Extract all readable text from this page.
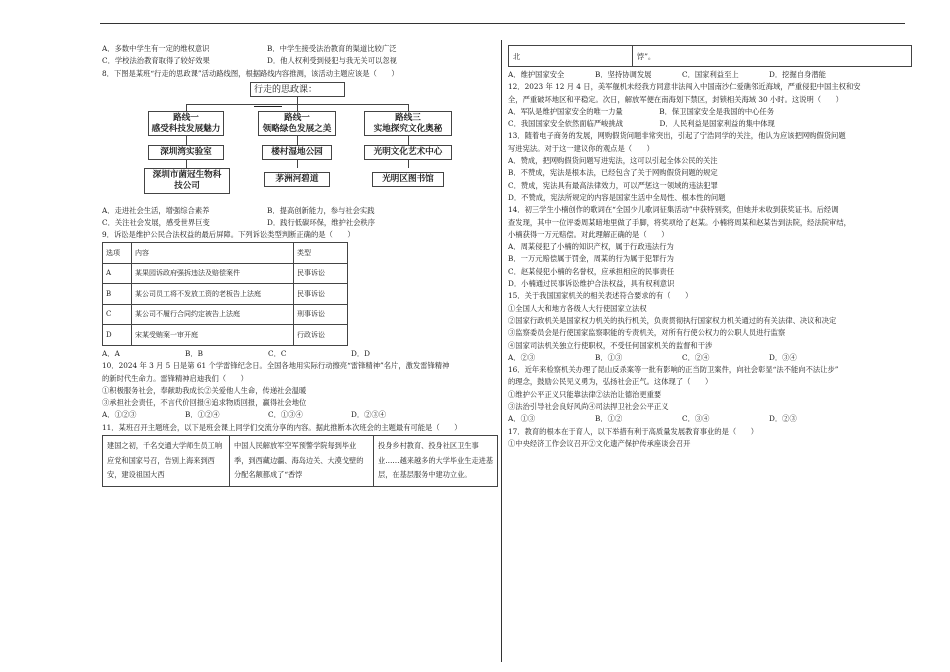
A．多数中学生有一定的维权意识	B．中学生接受法治教育的渠道比较广泛

C．学校法治教育取得了较好效果	D．他人权利受到侵犯与我无关可以忽视

8．下图是某班“行走的思政课”活动路线图，根据路线内容推测，该活动主题应该是（　　）

行走的思政课：
路线一
感受科技发展魅力
路线一
领略绿色发展之美
路线三
实地探究文化奥秘
深圳湾实验室	楼村湿地公园	光明文化艺术中心
深圳市菌冠生物科
技公司
茅洲河碧道	光明区图书馆

A．走进社会生活，增强综合素养	B．提高创新能力，参与社会实践

C．关注社会发展，感受世界巨变	D．践行低碳环保，维护社会秩序

9．诉讼是维护公民合法权益的最后屏障。下列诉讼类型判断正确的是（　　）

选项	内容	类型
A	某果园诉政府强拆违法及赔偿案件	民事诉讼
B	某公司员工将不发放工资的老板告上法庭	民事诉讼
C	某公司不履行合同约定被告上法庭	刑事诉讼
D	宋某受贿案一审开庭	行政诉讼

A．A	B．B	C．C	D．D

10．2024 年 3 月 5 日是第 61 个学雷锋纪念日。全国各地用实际行动擦亮“雷锋精神”名片，激发雷锋精神

的新时代生命力。雷锋精神启迪我们（　　）

①积极服务社会，奉献助我成长②关爱他人生命，传递社会温暖

③承担社会责任，不言代价回报④追求物质回报，赢得社会地位

A．①②③	B．①②④	C．①③④	D．②③④

11．某班召开主题班会，以下是班会课上同学们交流分享的内容。据此推断本次班会的主题最有可能是（　　）

建国之初，千名交通大学师生员工响应党和国家号召，告别上海来到西安，建设祖国大西	中国人民解放军空军预警学院每到毕业季，到西藏边疆、海岛边关、大漠戈壁的分配名额都成了“香饽	投身乡村教育、投身社区卫生事业……越来越多的大学毕业生走进基层，在基层服务中建功立业。
北	饽”。

A．维护国家安全	B．坚持协调发展	C．国家利益至上	D．挖掘自身潜能

12．2023 年 12 月 4 日，美军舰机未经我方同意非法闯入中国南沙仁爱礁邻近海域，严重侵犯中国主权和安

全，严重破坏地区和平稳定。次日，解放军便在南海划下禁区，封锁相关海域 30 小时。这说明（　　）

A．军队是维护国家安全的唯一力量　　　　　B．保卫国家安全是我国的中心任务

C．我国国家安全依然面临严峻挑战　　　　　D．人民利益是国家利益的集中体现

13．随着电子商务的发展，网购假货问题非常突出，引起了宁浩同学的关注，他认为应该把网购假货问题

写进宪法。对于这一建议你的观点是（　　）

A．赞成，把网购假货问题写进宪法，这可以引起全体公民的关注

B．不赞成，宪法是根本法，已经包含了关于网购假货问题的规定

C．赞成，宪法具有最高法律效力，可以严惩这一领域的违法犯罪

D．不赞成，宪法所规定的内容是国家生活中全局性、根本性的问题

14．初三学生小楠创作的歌词在“全国少儿歌词征集活动”中获特别奖，但她并未收到获奖证书。后经调

查发现，其中一位评委周某暗地里做了手脚，将奖项给了赵某。小楠将周某和赵某告到法院，经法院审结，

小楠获得一万元赔偿。对此理解正确的是（　　）

A．周某侵犯了小楠的知识产权，属于行政违法行为

B．一万元赔偿属于罚金，周某的行为属于犯罪行为

C．赵某侵犯小楠的名誉权，应承担相应的民事责任

D．小楠通过民事诉讼维护合法权益，具有权利意识

15．关于我国国家机关的相关表述符合要求的有（　　）

①全国人大和地方各级人大行使国家立法权

②国家行政机关是国家权力机关的执行机关，负责贯彻执行国家权力机关通过的有关法律、决议和决定

③监察委员会是行使国家监察职能的专责机关，对所有行使公权力的公职人员进行监察

④国家司法机关独立行使职权，不受任何国家机关的监督和干涉

A．②③	B．①③	C．②④	D．③④

16．近年来检察机关办理了昆山反杀案等一批有影响的正当防卫案件，向社会彰显“法不能向不法让步”

的理念，鼓励公民见义勇为，弘扬社会正气。这体现了（　　）

①维护公平正义只能靠法律②法治让德治更重要

③法治引导社会良好风尚④司法捍卫社会公平正义

A．①③	B．①②	C．③④	D．②③

17．教育的根本在于育人，以下举措有利于高质量发展教育事业的是（　　）

①中央经济工作会议召开②文化遗产保护传承座谈会召开
